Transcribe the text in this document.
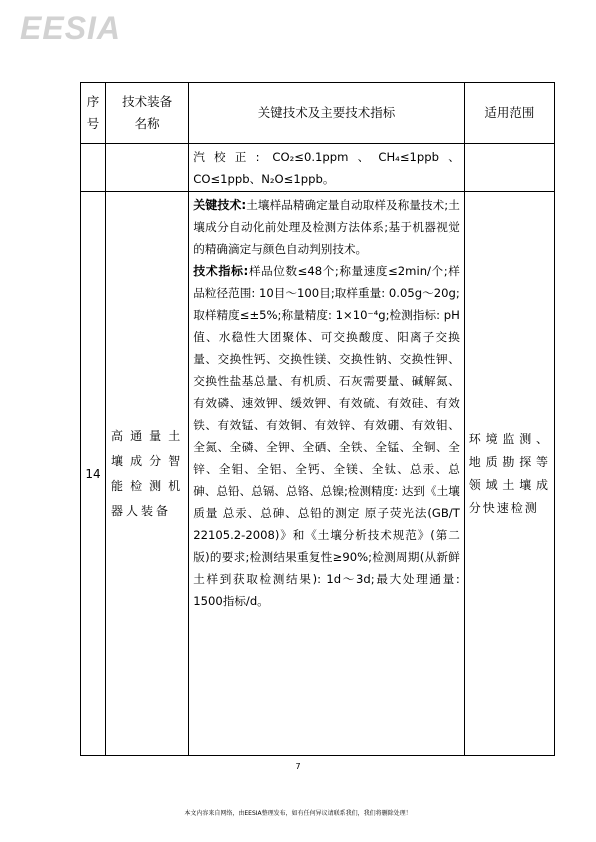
EESIA
序号	技术装备名称	关键技术及主要技术指标	适用范围
		汽校正: CO₂≤0.1ppm、CH₄≤1ppb、CO≤1ppb、N₂O≤1ppb。	
14	高通量土壤成分智能检测机器人装备	关键技术:土壤样品精确定量自动取样及称量技术;土壤成分自动化前处理及检测方法体系;基于机器视觉的精确滴定与颜色自动判别技术。

技术指标:样品位数≤48个;称量速度≤2min/个;样品粒径范围: 10目～100目;取样重量: 0.05g～20g;取样精度≤±5%;称量精度: 1×10⁻⁴g;检测指标: pH值、水稳性大团聚体、可交换酸度、阳离子交换量、交换性钙、交换性镁、交换性钠、交换性钾、交换性盐基总量、有机质、石灰需要量、碱解氮、有效磷、速效钾、缓效钾、有效硫、有效硅、有效铁、有效锰、有效铜、有效锌、有效硼、有效钼、全氮、全磷、全钾、全硒、全铁、全锰、全铜、全锌、全钼、全铝、全钙、全镁、全钛、总汞、总砷、总铅、总镉、总铬、总镍;检测精度: 达到《土壤质量 总汞、总砷、总铅的测定 原子荧光法(GB/T 22105.2-2008)》和《土壤分析技术规范》(第二版)的要求;检测结果重复性≥90%;检测周期(从新鲜土样到获取检测结果): 1d～3d;最大处理通量: 1500指标/d。	环境监测、地质勘探等领域土壤成分快速检测
7
本文内容来自网络，由EESIA整理发布，如有任何异议请联系我们，我们将删除处理！
